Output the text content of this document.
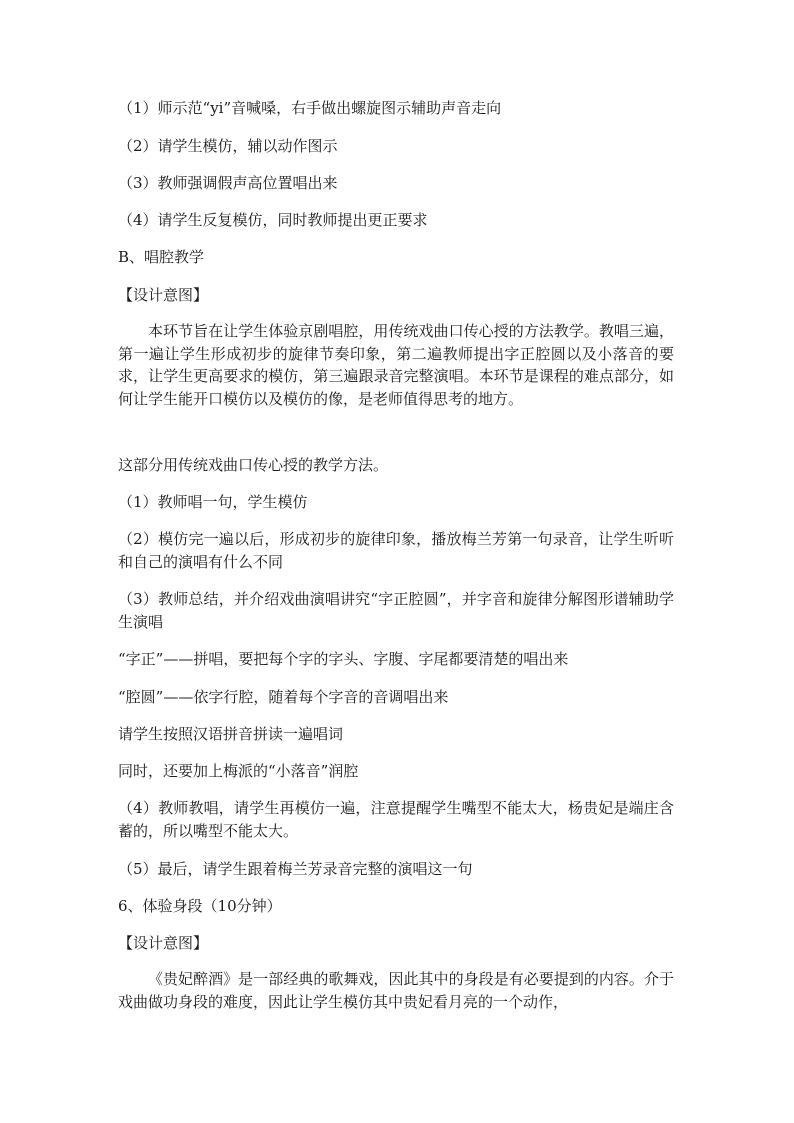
（1）师示范“yi”音喊嗓，右手做出螺旋图示辅助声音走向
（2）请学生模仿，辅以动作图示
（3）教师强调假声高位置唱出来
（4）请学生反复模仿，同时教师提出更正要求
B、唱腔教学
【设计意图】
本环节旨在让学生体验京剧唱腔，用传统戏曲口传心授的方法教学。教唱三遍，第一遍让学生形成初步的旋律节奏印象，第二遍教师提出字正腔圆以及小落音的要求，让学生更高要求的模仿，第三遍跟录音完整演唱。本环节是课程的难点部分，如何让学生能开口模仿以及模仿的像，是老师值得思考的地方。
这部分用传统戏曲口传心授的教学方法。
（1）教师唱一句，学生模仿
（2）模仿完一遍以后，形成初步的旋律印象，播放梅兰芳第一句录音，让学生听听和自己的演唱有什么不同
（3）教师总结，并介绍戏曲演唱讲究“字正腔圆”，并字音和旋律分解图形谱辅助学生演唱
“字正”——拼唱，要把每个字的字头、字腹、字尾都要清楚的唱出来
“腔圆”——依字行腔，随着每个字音的音调唱出来
请学生按照汉语拼音拼读一遍唱词
同时，还要加上梅派的“小落音”润腔
（4）教师教唱，请学生再模仿一遍，注意提醒学生嘴型不能太大，杨贵妃是端庄含蓄的，所以嘴型不能太大。
（5）最后，请学生跟着梅兰芳录音完整的演唱这一句
6、体验身段（10分钟）
【设计意图】
《贵妃醉酒》是一部经典的歌舞戏，因此其中的身段是有必要提到的内容。介于戏曲做功身段的难度，因此让学生模仿其中贵妃看月亮的一个动作，
